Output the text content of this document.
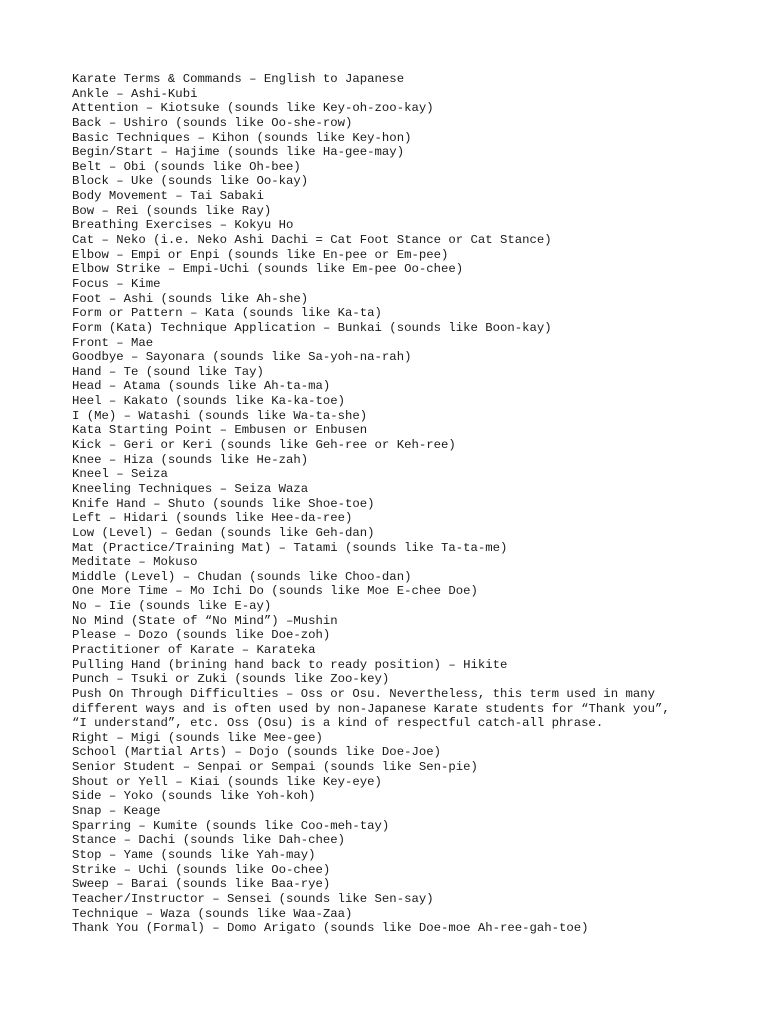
Karate Terms & Commands – English to Japanese
Ankle – Ashi-Kubi
Attention – Kiotsuke (sounds like Key-oh-zoo-kay)
Back – Ushiro (sounds like Oo-she-row)
Basic Techniques – Kihon (sounds like Key-hon)
Begin/Start – Hajime (sounds like Ha-gee-may)
Belt – Obi (sounds like Oh-bee)
Block – Uke (sounds like Oo-kay)
Body Movement – Tai Sabaki
Bow – Rei (sounds like Ray)
Breathing Exercises – Kokyu Ho
Cat – Neko (i.e. Neko Ashi Dachi = Cat Foot Stance or Cat Stance)
Elbow – Empi or Enpi (sounds like En-pee or Em-pee)
Elbow Strike – Empi-Uchi (sounds like Em-pee Oo-chee)
Focus – Kime
Foot – Ashi (sounds like Ah-she)
Form or Pattern – Kata (sounds like Ka-ta)
Form (Kata) Technique Application – Bunkai (sounds like Boon-kay)
Front – Mae
Goodbye – Sayonara (sounds like Sa-yoh-na-rah)
Hand – Te (sound like Tay)
Head – Atama (sounds like Ah-ta-ma)
Heel – Kakato (sounds like Ka-ka-toe)
I (Me) – Watashi (sounds like Wa-ta-she)
Kata Starting Point – Embusen or Enbusen
Kick – Geri or Keri (sounds like Geh-ree or Keh-ree)
Knee – Hiza (sounds like He-zah)
Kneel – Seiza
Kneeling Techniques – Seiza Waza
Knife Hand – Shuto (sounds like Shoe-toe)
Left – Hidari (sounds like Hee-da-ree)
Low (Level) – Gedan (sounds like Geh-dan)
Mat (Practice/Training Mat) – Tatami (sounds like Ta-ta-me)
Meditate – Mokuso
Middle (Level) – Chudan (sounds like Choo-dan)
One More Time – Mo Ichi Do (sounds like Moe E-chee Doe)
No – Iie (sounds like E-ay)
No Mind (State of “No Mind”) –Mushin
Please – Dozo (sounds like Doe-zoh)
Practitioner of Karate – Karateka
Pulling Hand (brining hand back to ready position) – Hikite
Punch – Tsuki or Zuki (sounds like Zoo-key)
Push On Through Difficulties – Oss or Osu. Nevertheless, this term used in many
different ways and is often used by non-Japanese Karate students for “Thank you”,
“I understand”, etc. Oss (Osu) is a kind of respectful catch-all phrase.
Right – Migi (sounds like Mee-gee)
School (Martial Arts) – Dojo (sounds like Doe-Joe)
Senior Student – Senpai or Sempai (sounds like Sen-pie)
Shout or Yell – Kiai (sounds like Key-eye)
Side – Yoko (sounds like Yoh-koh)
Snap – Keage
Sparring – Kumite (sounds like Coo-meh-tay)
Stance – Dachi (sounds like Dah-chee)
Stop – Yame (sounds like Yah-may)
Strike – Uchi (sounds like Oo-chee)
Sweep – Barai (sounds like Baa-rye)
Teacher/Instructor – Sensei (sounds like Sen-say)
Technique – Waza (sounds like Waa-Zaa)
Thank You (Formal) – Domo Arigato (sounds like Doe-moe Ah-ree-gah-toe)
